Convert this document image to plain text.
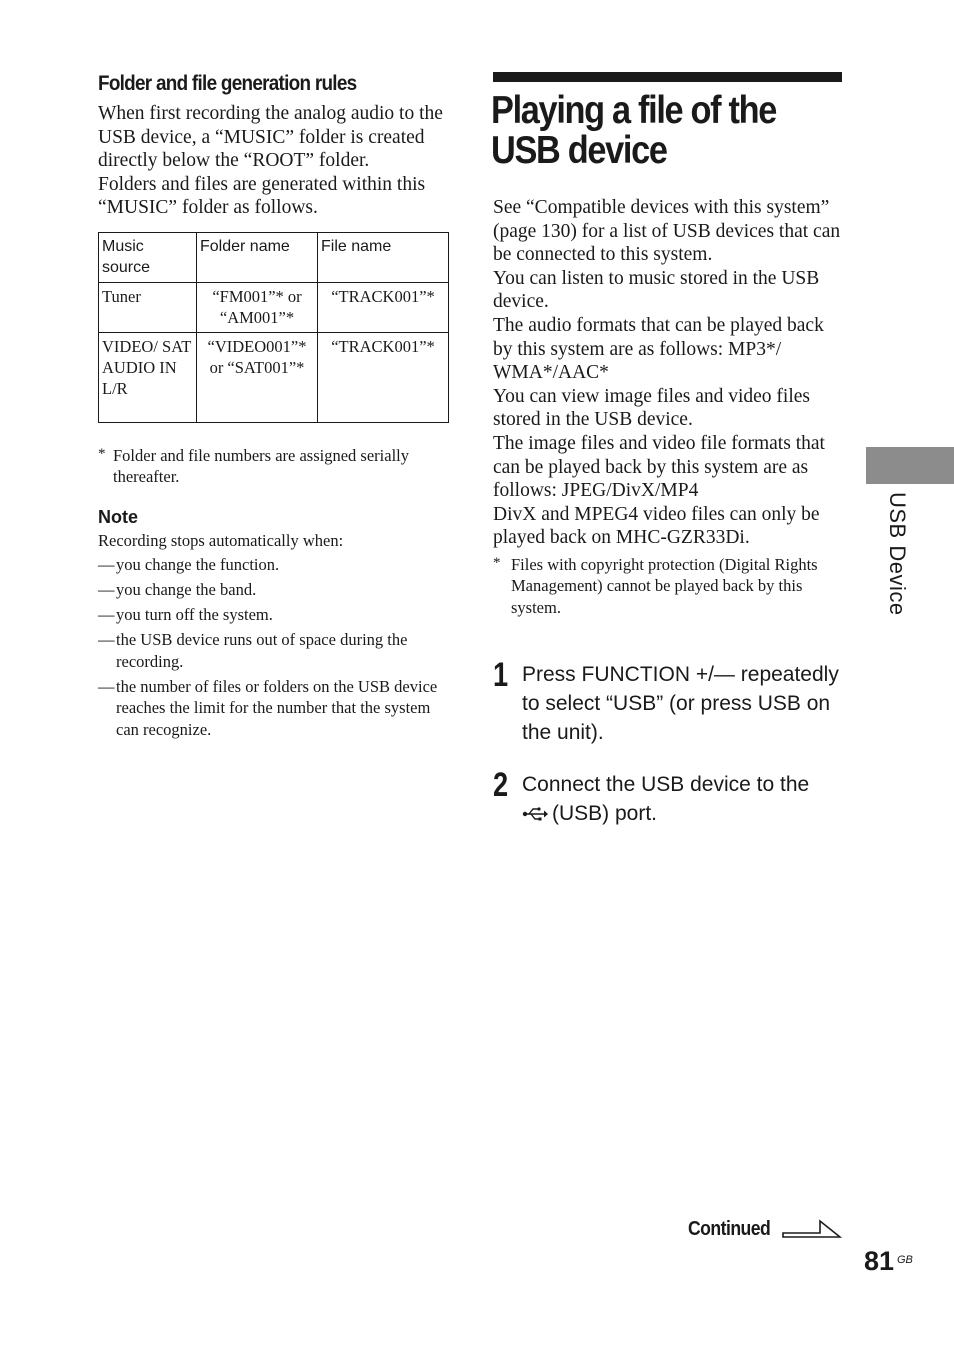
Folder and file generation rules

When first recording the analog audio to the USB device, a “MUSIC” folder is created directly below the “ROOT” folder.

Folders and files are generated within this “MUSIC” folder as follows.

Music source	Folder name	File name
Tuner	“FM001”* or “AM001”*	“TRACK001”*
VIDEO/ SAT AUDIO IN L/R	“VIDEO001”* or “SAT001”*	“TRACK001”*
* Folder and file numbers are assigned serially thereafter.
Note

Recording stops automatically when:

— you change the function.
— you change the band.
— you turn off the system.
— the USB device runs out of space during the recording.
— the number of files or folders on the USB device reaches the limit for the number that the system can recognize.
Playing a file of the
USB device

See “Compatible devices with this system” (page 130) for a list of USB devices that can be connected to this system.

You can listen to music stored in the USB device.

The audio formats that can be played back by this system are as follows: MP3*/ WMA*/AAC*

You can view image files and video files stored in the USB device.

The image files and video file formats that can be played back by this system are as follows: JPEG/DivX/MP4

DivX and MPEG4 video files can only be played back on MHC-GZR33Di.

* Files with copyright protection (Digital Rights Management) cannot be played back by this system.
1 Press FUNCTION +/— repeatedly to select “USB” (or press USB on the unit).
2 Connect the USB device to the
(USB) port.
USB Device
Continued
81 GB
